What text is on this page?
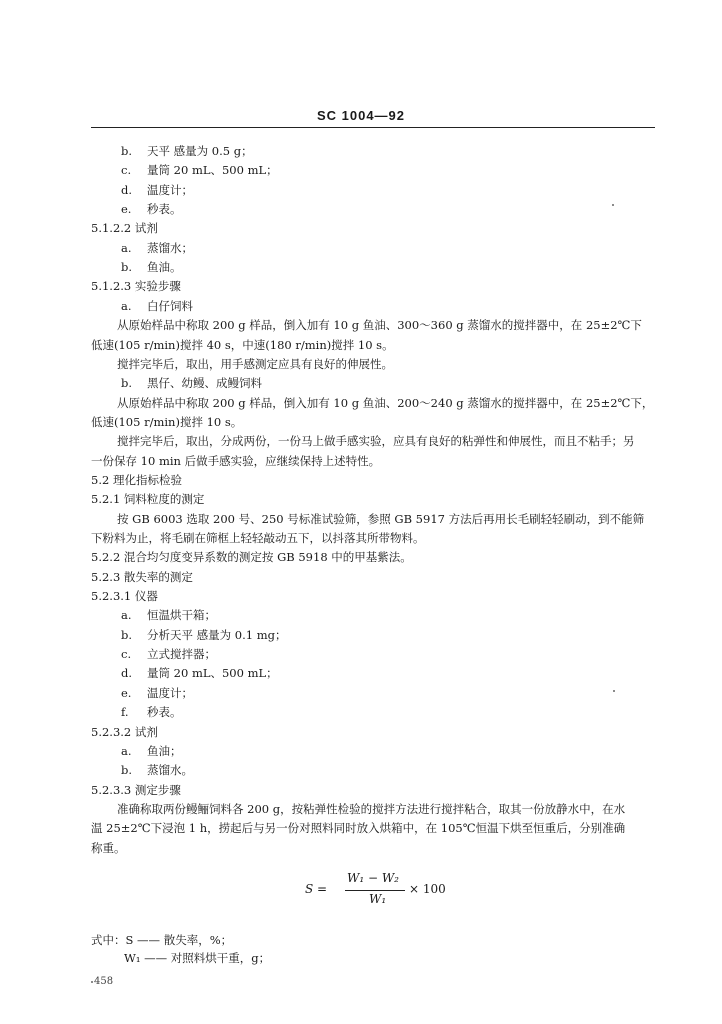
SC 1004—92
b. 天平 感量为 0.5 g；
c. 量筒 20 mL、500 mL；
d. 温度计；
e. 秒表。
5.1.2.2 试剂
a. 蒸馏水；
b. 鱼油。
5.1.2.3 实验步骤
a. 白仔饲料
从原始样品中称取 200 g 样品，倒入加有 10 g 鱼油、300～360 g 蒸馏水的搅拌器中，在 25±2℃下
低速(105 r/min)搅拌 40 s，中速(180 r/min)搅拌 10 s。
搅拌完毕后，取出，用手感测定应具有良好的伸展性。
b. 黑仔、幼鳗、成鳗饲料
从原始样品中称取 200 g 样品，倒入加有 10 g 鱼油、200～240 g 蒸馏水的搅拌器中，在 25±2℃下，
低速(105 r/min)搅拌 10 s。
搅拌完毕后，取出，分成两份，一份马上做手感实验，应具有良好的粘弹性和伸展性，而且不粘手；另
一份保存 10 min 后做手感实验，应继续保持上述特性。
5.2 理化指标检验
5.2.1 饲料粒度的测定
按 GB 6003 选取 200 号、250 号标准试验筛，参照 GB 5917 方法后再用长毛刷轻轻刷动，到不能筛
下粉料为止，将毛刷在筛框上轻轻敲动五下，以抖落其所带物料。
5.2.2 混合均匀度变异系数的测定按 GB 5918 中的甲基紫法。
5.2.3 散失率的测定
5.2.3.1 仪器
a. 恒温烘干箱；
b. 分析天平 感量为 0.1 mg；
c. 立式搅拌器；
d. 量筒 20 mL、500 mL；
e. 温度计；
f. 秒表。
5.2.3.2 试剂
a. 鱼油；
b. 蒸馏水。
5.2.3.3 测定步骤
准确称取两份鳗鲡饲料各 200 g，按粘弹性检验的搅拌方法进行搅拌粘合，取其一份放静水中，在水
温 25±2℃下浸泡 1 h，捞起后与另一份对照料同时放入烘箱中，在 105℃恒温下烘至恒重后，分别准确
称重。
S =
W₁ − W₂
W₁
× 100
式中：S —— 散失率，%；
W₁ —— 对照料烘干重，g；
458
